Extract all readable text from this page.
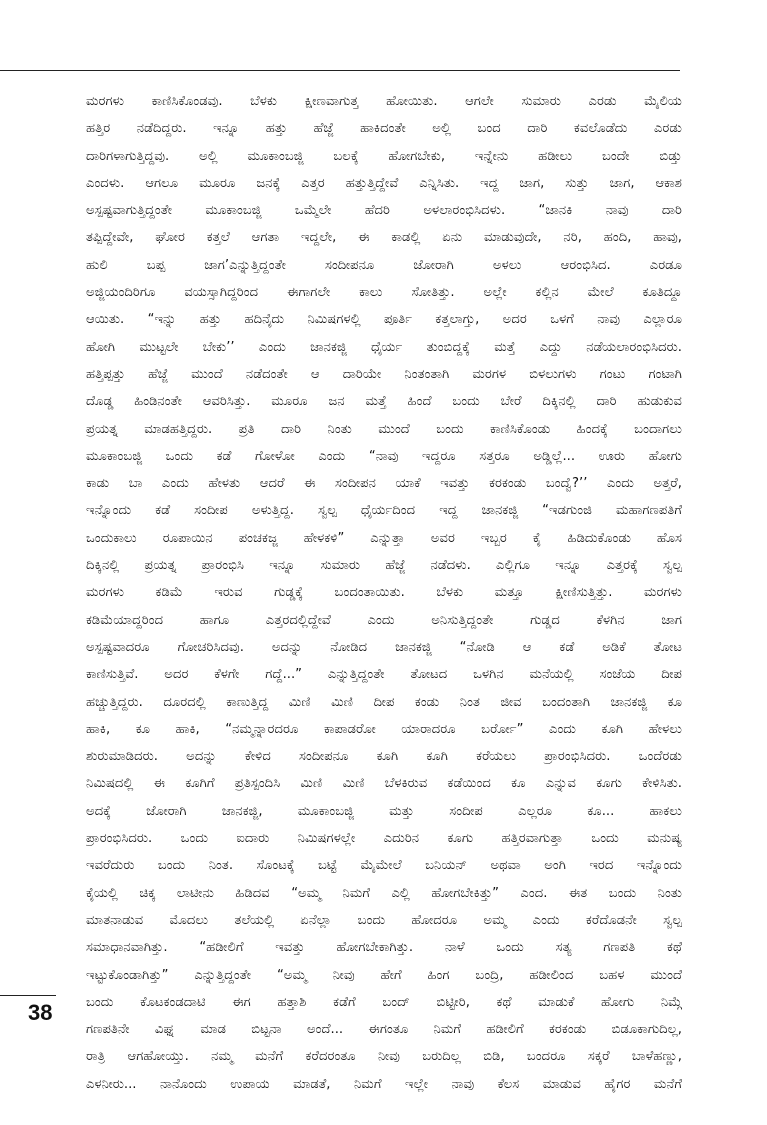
ಮರಗಳು ಕಾಣಿಸಿಕೊಂಡವು. ಬೆಳಕು ಕ್ಷೀಣವಾಗುತ್ತ ಹೋಯಿತು. ಆಗಲೇ ಸುಮಾರು ಎರಡು ಮೈಲಿಯ
ಹತ್ತಿರ ನಡೆದಿದ್ದರು. ಇನ್ನೂ ಹತ್ತು ಹೆಜ್ಜೆ ಹಾಕಿದಂತೇ ಅಲ್ಲಿ ಬಂದ ದಾರಿ ಕವಲೊಡೆದು ಎರಡು
ದಾರಿಗಳಾಗುತ್ತಿದ್ದವು. ಅಲ್ಲಿ ಮೂಕಾಂಬಜ್ಜಿ ಬಲಕ್ಕೆ ಹೋಗಬೇಕು, ಇನ್ನೇನು ಹಡೀಲು ಬಂದೇ ಬಿಡ್ತು
ಎಂದಳು. ಆಗಲೂ ಮೂರೂ ಜನಕ್ಕೆ ಎತ್ತರ ಹತ್ತುತ್ತಿದ್ದೇವೆ ಎನ್ನಿಸಿತು. ಇದ್ದ ಜಾಗ, ಸುತ್ತು ಜಾಗ, ಆಕಾಶ
ಅಸ್ಪಷ್ಟವಾಗುತ್ತಿದ್ದಂತೇ ಮೂಕಾಂಬಜ್ಜಿ ಒಮ್ಮೆಲೇ ಹೆದರಿ ಅಳಲಾರಂಭಿಸಿದಳು. “ಜಾನಕಿ ನಾವು ದಾರಿ
ತಪ್ಪಿದ್ದೇವೇ, ಘೋರ ಕತ್ತಲೆ ಆಗತಾ ಇದ್ದಲೇ, ಈ ಕಾಡಲ್ಲಿ ಏನು ಮಾಡುವುದೇ, ನರಿ, ಹಂದಿ, ಹಾವು,
ಹುಲಿ ಬಪ್ಪ ಜಾಗ’ಎನ್ನುತ್ತಿದ್ದಂತೇ ಸಂದೀಪನೂ ಜೋರಾಗಿ ಅಳಲು ಆರಂಭಿಸಿದ. ಎರಡೂ
ಅಜ್ಜಿಯಂದಿರಿಗೂ ವಯಸ್ಸಾಗಿದ್ದರಿಂದ ಈಗಾಗಲೇ ಕಾಲು ಸೋತಿತ್ತು. ಅಲ್ಲೇ ಕಲ್ಲಿನ ಮೇಲೆ ಕೂತಿದ್ದೂ
ಆಯಿತು. “ಇನ್ನು ಹತ್ತು ಹದಿನೈದು ನಿಮಿಷಗಳಲ್ಲಿ ಪೂರ್ತಿ ಕತ್ತಲಾಗ್ತು, ಅದರ ಒಳಗೆ ನಾವು ಎಲ್ಲಾರೂ
ಹೋಗಿ ಮುಟ್ಟಲೇ ಬೇಕು’’ ಎಂದು ಜಾನಕಜ್ಜಿ ಧೈರ್ಯ ತುಂಬಿದ್ದಕ್ಕೆ ಮತ್ತೆ ಎದ್ದು ನಡೆಯಲಾರಂಭಿಸಿದರು.
ಹತ್ತಿಪ್ಪತ್ತು ಹೆಜ್ಜೆ ಮುಂದೆ ನಡೆದಂತೇ ಆ ದಾರಿಯೇ ನಿಂತಂತಾಗಿ ಮರಗಳ ಬಿಳಲುಗಳು ಗಂಟು ಗಂಟಾಗಿ
ದೊಡ್ಡ ಹಿಂಡಿನಂತೇ ಆವರಿಸಿತ್ತು. ಮೂರೂ ಜನ ಮತ್ತೆ ಹಿಂದೆ ಬಂದು ಬೇರೆ ದಿಕ್ಕಿನಲ್ಲಿ ದಾರಿ ಹುಡುಕುವ
ಪ್ರಯತ್ನ ಮಾಡಹತ್ತಿದ್ದರು. ಪ್ರತಿ ದಾರಿ ನಿಂತು ಮುಂದೆ ಬಂದು ಕಾಣಿಸಿಕೊಂಡು ಹಿಂದಕ್ಕೆ ಬಂದಾಗಲು
ಮೂಕಾಂಬಜ್ಜಿ ಒಂದು ಕಡೆ ಗೋಳೋ ಎಂದು “ನಾವು ಇದ್ದರೂ ಸತ್ತರೂ ಅಡ್ಡಿಲ್ಲೆ... ಊರು ಹೋಗು
ಕಾಡು ಬಾ ಎಂದು ಹೇಳತು ಆದರೆ ಈ ಸಂದೀಪನ ಯಾಕೆ ಇವತ್ತು ಕರಕಂಡು ಬಂದ್ವೆ?’’ ಎಂದು ಅತ್ತರೆ,
ಇನ್ನೊಂದು ಕಡೆ ಸಂದೀಪ ಅಳುತ್ತಿದ್ದ. ಸ್ವಲ್ಪ ಧೈರ್ಯದಿಂದ ಇದ್ದ ಜಾನಕಜ್ಜಿ “ಇಡಗುಂಜಿ ಮಹಾಗಣಪತಿಗೆ
ಒಂದುಕಾಲು ರೂಪಾಯಿನ ಪಂಚಕಜ್ಜ ಹೇಳಕಳಿ” ಎನ್ನುತ್ತಾ ಅವರ ಇಬ್ಬರ ಕೈ ಹಿಡಿದುಕೊಂಡು ಹೊಸ
ದಿಕ್ಕಿನಲ್ಲಿ ಪ್ರಯತ್ನ ಪ್ರಾರಂಭಿಸಿ ಇನ್ನೂ ಸುಮಾರು ಹೆಜ್ಜೆ ನಡೆದಳು. ಎಲ್ಲಿಗೂ ಇನ್ನೂ ಎತ್ತರಕ್ಕೆ ಸ್ವಲ್ಪ
ಮರಗಳು ಕಡಿಮೆ ಇರುವ ಗುಡ್ಡಕ್ಕೆ ಬಂದಂತಾಯಿತು. ಬೆಳಕು ಮತ್ತೂ ಕ್ಷೀಣಿಸುತ್ತಿತ್ತು. ಮರಗಳು
ಕಡಿಮೆಯಾದ್ದರಿಂದ ಹಾಗೂ ಎತ್ತರದಲ್ಲಿದ್ದೇವೆ ಎಂದು ಅನಿಸುತ್ತಿದ್ದಂತೇ ಗುಡ್ಡದ ಕೆಳಗಿನ ಜಾಗ
ಅಸ್ಪಷ್ಟವಾದರೂ ಗೋಚರಿಸಿದವು. ಅದನ್ನು ನೋಡಿದ ಜಾನಕಜ್ಜಿ “ನೋಡಿ ಆ ಕಡೆ ಅಡಿಕೆ ತೋಟ
ಕಾಣಿಸುತ್ತಿವೆ. ಅದರ ಕೆಳಗೇ ಗದ್ದೆ...” ಎನ್ನುತ್ತಿದ್ದಂತೇ ತೋಟದ ಒಳಗಿನ ಮನೆಯಲ್ಲಿ ಸಂಜೆಯ ದೀಪ
ಹಚ್ಚುತ್ತಿದ್ದರು. ದೂರದಲ್ಲಿ ಕಾಣುತ್ತಿದ್ದ ಮಿಣಿ ಮಿಣಿ ದೀಪ ಕಂಡು ನಿಂತ ಜೀವ ಬಂದಂತಾಗಿ ಜಾನಕಜ್ಜಿ ಕೂ
ಹಾಕಿ, ಕೂ ಹಾಕಿ, “ನಮ್ಮನ್ನಾರದರೂ ಕಾಪಾಡರೋ ಯಾರಾದರೂ ಬರ್ರೋ” ಎಂದು ಕೂಗಿ ಹೇಳಲು
ಶುರುಮಾಡಿದರು. ಅದನ್ನು ಕೇಳಿದ ಸಂದೀಪನೂ ಕೂಗಿ ಕೂಗಿ ಕರೆಯಲು ಪ್ರಾರಂಭಿಸಿದರು. ಒಂದೆರಡು
ನಿಮಿಷದಲ್ಲಿ ಈ ಕೂಗಿಗೆ ಪ್ರತಿಸ್ಪಂದಿಸಿ ಮಿಣಿ ಮಿಣಿ ಬೆಳಕಿರುವ ಕಡೆಯಿಂದ ಕೂ ಎನ್ನುವ ಕೂಗು ಕೇಳಿಸಿತು.
ಅದಕ್ಕೆ ಜೋರಾಗಿ ಜಾನಕಜ್ಜಿ, ಮೂಕಾಂಬಜ್ಜಿ ಮತ್ತು ಸಂದೀಪ ಎಲ್ಲರೂ ಕೂ... ಹಾಕಲು
ಪ್ರಾರಂಭಿಸಿದರು. ಒಂದು ಐದಾರು ನಿಮಿಷಗಳಲ್ಲೇ ಎದುರಿನ ಕೂಗು ಹತ್ತಿರವಾಗುತ್ತಾ ಒಂದು ಮನುಷ್ಯ
ಇವರೆದುರು ಬಂದು ನಿಂತ. ಸೊಂಟಕ್ಕೆ ಬಟ್ಟೆ ಮೈಮೇಲೆ ಬನಿಯನ್ ಅಥವಾ ಅಂಗಿ ಇರದ ಇನ್ನೊಂದು
ಕೈಯಲ್ಲಿ ಚಿಕ್ಕ ಲಾಟೀನು ಹಿಡಿದವ “ಅಮ್ಮ ನಿಮಗೆ ಎಲ್ಲಿ ಹೋಗಬೇಕಿತ್ತು” ಎಂದ. ಈತ ಬಂದು ನಿಂತು
ಮಾತನಾಡುವ ಮೊದಲು ತಲೆಯಲ್ಲಿ ಏನೆಲ್ಲಾ ಬಂದು ಹೋದರೂ ಅಮ್ಮ ಎಂದು ಕರೆದೊಡನೇ ಸ್ವಲ್ಪ
ಸಮಾಧಾನವಾಗಿತ್ತು. “ಹಡೀಲಿಗೆ ಇವತ್ತು ಹೋಗಬೇಕಾಗಿತ್ತು. ನಾಳೆ ಒಂದು ಸತ್ಯ ಗಣಪತಿ ಕಥೆ
ಇಟ್ಟುಕೊಂಡಾಗಿತ್ತು” ಎನ್ನುತ್ತಿದ್ದಂತೇ “ಅಮ್ಮ ನೀವು ಹೇಗೆ ಹಿಂಗ ಬಂದ್ರಿ, ಹಡೀಲಿಂದ ಬಹಳ ಮುಂದೆ
ಬಂದು ಕೊಟಕಂಡದಾಟಿ ಈಗ ಹತ್ತಾಶಿ ಕಡೆಗೆ ಬಂದ್ ಬಿಟ್ಟೀರಿ, ಕಥೆ ಮಾಡುಕೆ ಹೋಗು ನಿಮ್ಗೆ
ಗಣಪತಿನೇ ವಿಘ್ನ ಮಾಡ ಬಿಟ್ಟನಾ ಅಂದೆ... ಈಗಂತೂ ನಿಮಗೆ ಹಡೀಲಿಗೆ ಕರಕಂಡು ಬಿಡೂಕಾಗುದಿಲ್ಲ,
ರಾತ್ರಿ ಆಗಹೋಯ್ತು. ನಮ್ಮ ಮನೆಗೆ ಕರೆದರಂತೂ ನೀವು ಬರುದಿಲ್ಲ ಬಿಡಿ, ಬಂದರೂ ಸಕ್ಕರೆ ಬಾಳೆಹಣ್ಣು,
ಎಳನೀರು... ನಾನೊಂದು ಉಪಾಯ ಮಾಡತೆ, ನಿಮಗೆ ಇಲ್ಲೇ ನಾವು ಕೆಲಸ ಮಾಡುವ ಹೈಗರ ಮನೆಗೆ
38
